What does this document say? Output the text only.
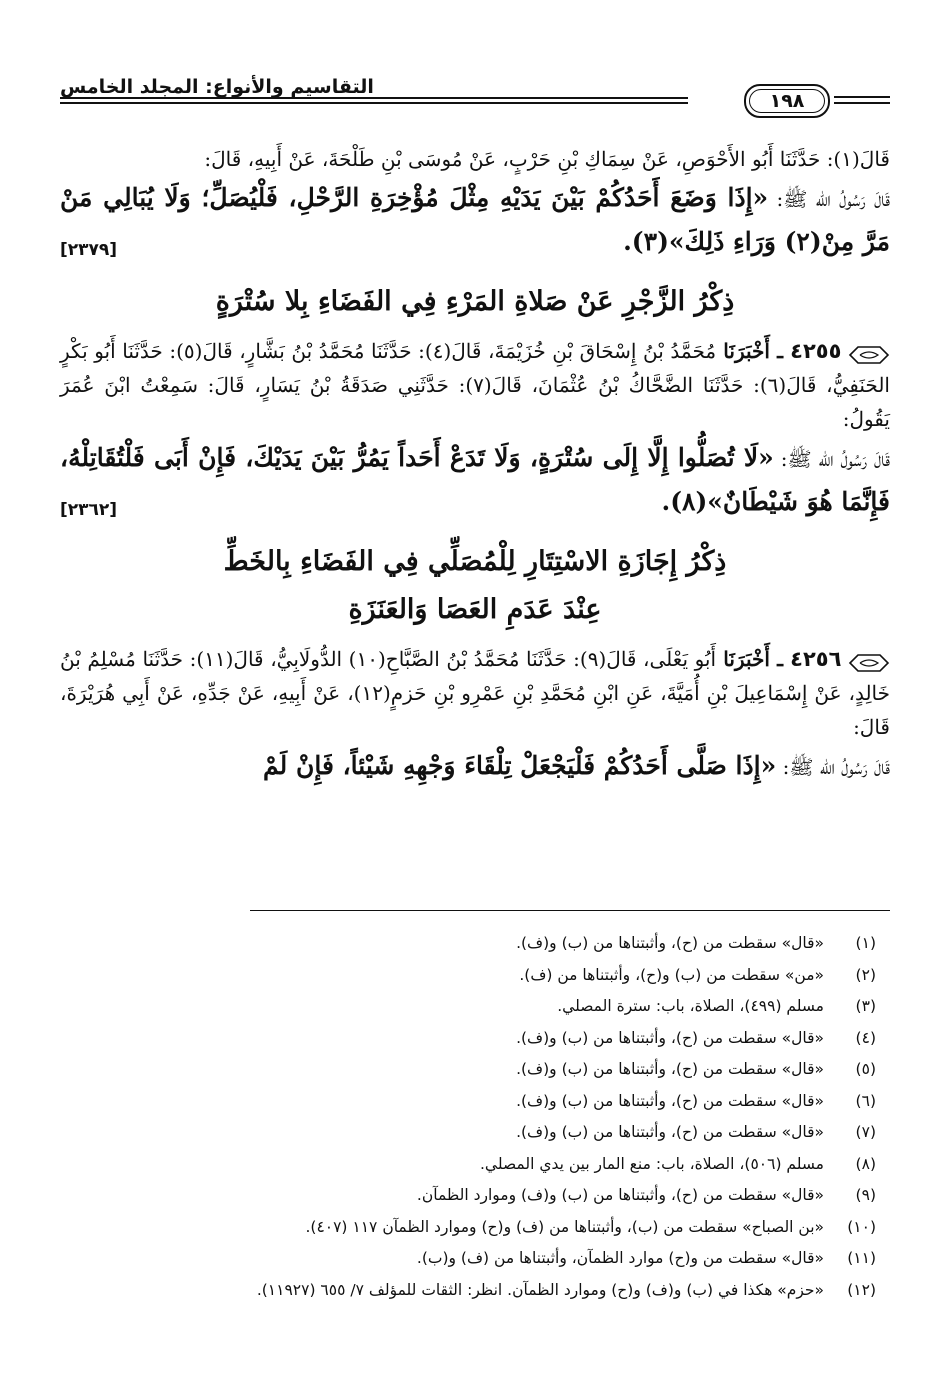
التقاسيم والأنواع: المجلد الخامس
١٩٨

قَالَ(١): حَدَّثَنَا أَبُو الأَحْوَصِ، عَنْ سِمَاكِ بْنِ حَرْبٍ، عَنْ مُوسَى بْنِ طَلْحَةَ، عَنْ أَبِيهِ، قَالَ:

قَالَ رَسُولُ الله ﷺ: «إِذَا وَضَعَ أَحَدُكُمْ بَيْنَ يَدَيْهِ مِثْلَ مُؤْخِرَةِ الرَّحْلِ، فَلْيُصَلِّ؛ وَلَا يُبَالِي مَنْ مَرَّ مِنْ(٢) وَرَاءِ ذَلِكَ»(٣).
[٢٣٧٩]

ذِكْرُ الزَّجْرِ عَنْ صَلاةِ المَرْءِ فِي الفَضَاءِ بِلا سُتْرَةٍ

٤٢٥٥ ـ أَخْبَرَنَا مُحَمَّدُ بْنُ إِسْحَاقَ بْنِ خُزَيْمَةَ، قَالَ(٤): حَدَّثَنَا مُحَمَّدُ بْنُ بَشَّارٍ، قَالَ(٥): حَدَّثَنَا أَبُو بَكْرٍ الحَنَفِيُّ، قَالَ(٦): حَدَّثَنَا الضَّحَّاكُ بْنُ عُثْمَانَ، قَالَ(٧): حَدَّثَنِي صَدَقَةُ بْنُ يَسَارٍ، قَالَ: سَمِعْتُ ابْنَ عُمَرَ يَقُولُ:

قَالَ رَسُولُ الله ﷺ: «لَا تُصَلُّوا إِلَّا إِلَى سُتْرَةٍ، وَلَا تَدَعْ أَحَداً يَمُرُّ بَيْنَ يَدَيْكَ، فَإِنْ أَبَى فَلْتُقَاتِلْهُ، فَإِنَّمَا هُوَ شَيْطَانٌ»(٨).
[٢٣٦٢]

ذِكْرُ إِجَازَةِ الاسْتِتَارِ لِلْمُصَلِّي فِي الفَضَاءِ بِالخَطِّ

عِنْدَ عَدَمِ العَصَا وَالعَنَزَةِ

٤٢٥٦ ـ أَخْبَرَنَا أَبُو يَعْلَى، قَالَ(٩): حَدَّثَنَا مُحَمَّدُ بْنُ الصَّبَّاحِ(١٠) الدُّولَابِيُّ، قَالَ(١١): حَدَّثَنَا مُسْلِمُ بْنُ خَالِدٍ، عَنْ إِسْمَاعِيلَ بْنِ أُمَيَّةَ، عَنِ ابْنِ مُحَمَّدِ بْنِ عَمْرِو بْنِ حَزمٍ(١٢)، عَنْ أَبِيهِ، عَنْ جَدِّهِ، عَنْ أَبِي هُرَيْرَةَ، قَالَ:

قَالَ رَسُولُ الله ﷺ: «إِذَا صَلَّى أَحَدُكُمْ فَلْيَجْعَلْ تِلْقَاءَ وَجْهِهِ شَيْئاً، فَإِنْ لَمْ

(١)
«قال» سقطت من (ح)، وأثبتناها من (ب) و(ف).
(٢)
«من» سقطت من (ب) و(ح)، وأثبتناها من (ف).
(٣)
مسلم (٤٩٩)، الصلاة، باب: سترة المصلي.
(٤)
«قال» سقطت من (ح)، وأثبتناها من (ب) و(ف).
(٥)
«قال» سقطت من (ح)، وأثبتناها من (ب) و(ف).
(٦)
«قال» سقطت من (ح)، وأثبتناها من (ب) و(ف).
(٧)
«قال» سقطت من (ح)، وأثبتناها من (ب) و(ف).
(٨)
مسلم (٥٠٦)، الصلاة، باب: منع المار بين يدي المصلي.
(٩)
«قال» سقطت من (ح)، وأثبتناها من (ب) و(ف) وموارد الظمآن.
(١٠)
«بن الصباح» سقطت من (ب)، وأثبتناها من (ف) و(ح) وموارد الظمآن ١١٧ (٤٠٧).
(١١)
«قال» سقطت من و(ح) موارد الظمآن، وأثبتناها من (ف) و(ب).
(١٢)
«حزم» هكذا في (ب) و(ف) و(ح) وموارد الظمآن. انظر: الثقات للمؤلف ٧/ ٦٥٥ (١١٩٢٧).
